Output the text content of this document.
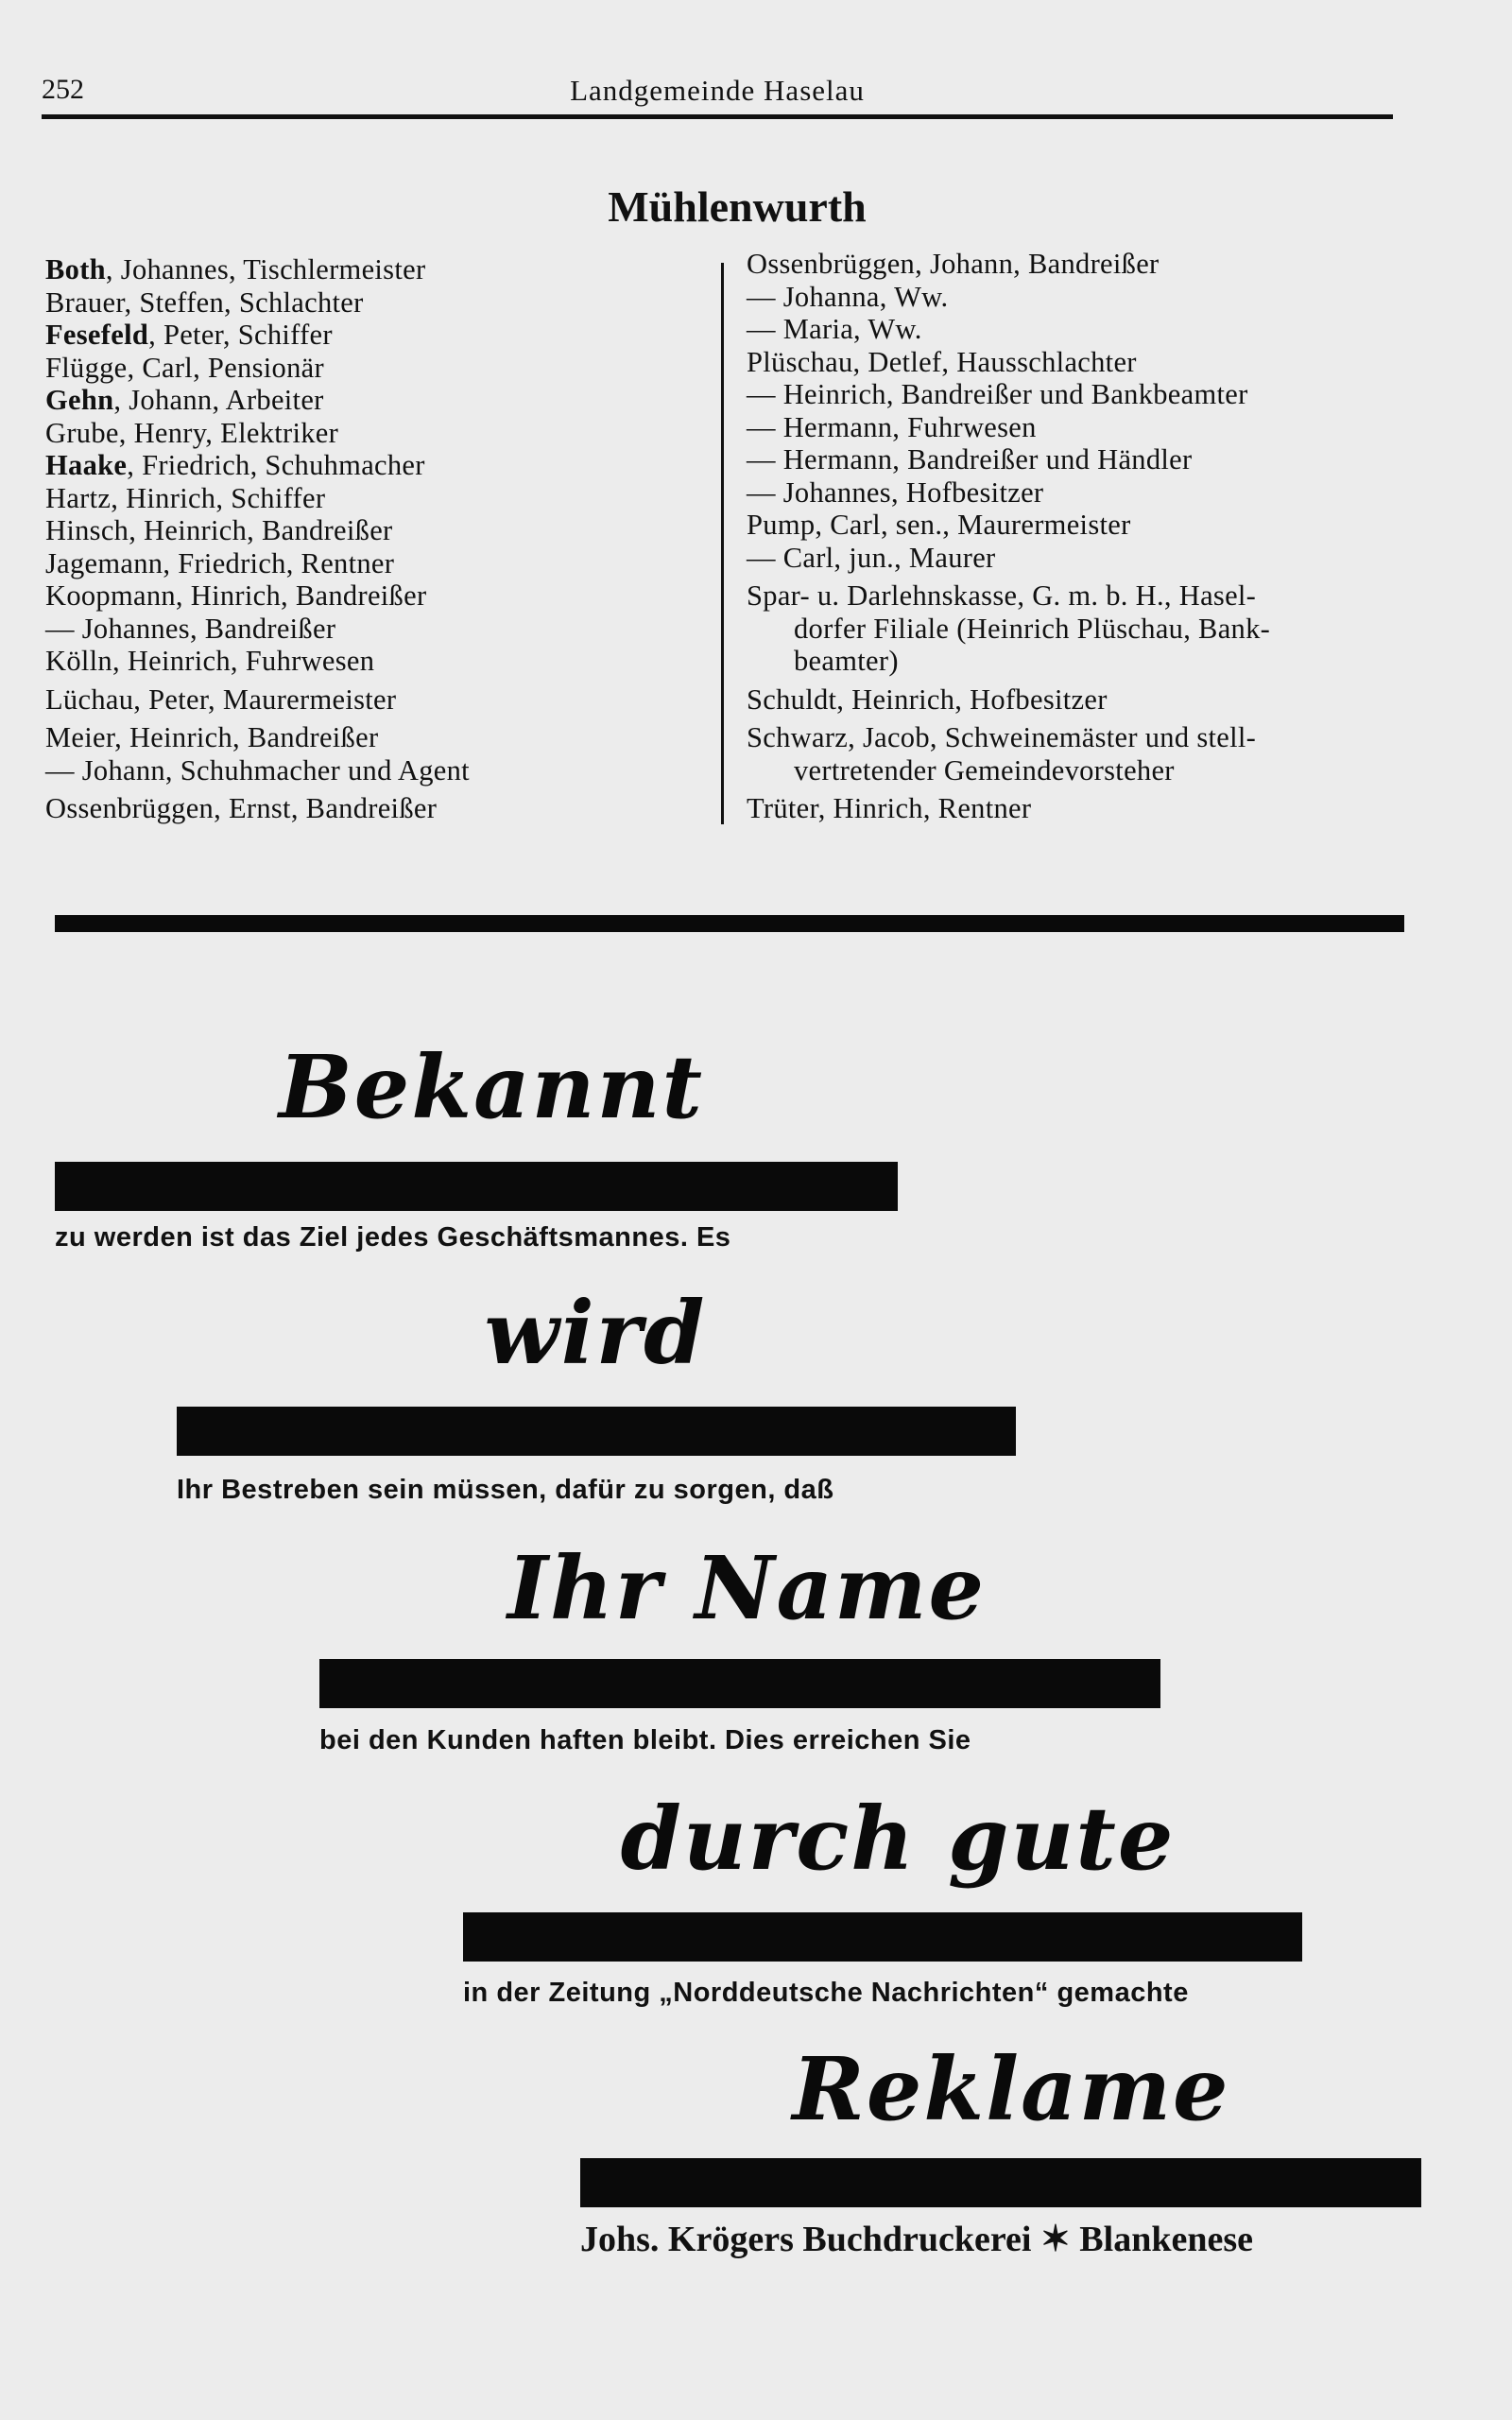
252	Landgemeinde Haselau
Mühlenwurth
Both, Johannes, Tischlermeister
Brauer, Steffen, Schlachter
Fesefeld, Peter, Schiffer
Flügge, Carl, Pensionär
Gehn, Johann, Arbeiter
Grube, Henry, Elektriker
Haake, Friedrich, Schuhmacher
Hartz, Hinrich, Schiffer
Hinsch, Heinrich, Bandreißer
Jagemann, Friedrich, Rentner
Koopmann, Hinrich, Bandreißer
— Johannes, Bandreißer
Kölln, Heinrich, Fuhrwesen
Lüchau, Peter, Maurermeister
Meier, Heinrich, Bandreißer
— Johann, Schuhmacher und Agent
Ossenbrüggen, Ernst, Bandreißer
Ossenbrüggen, Johann, Bandreißer
— Johanna, Ww.
— Maria, Ww.
Plüschau, Detlef, Hausschlachter
— Heinrich, Bandreißer und Bankbeamter
— Hermann, Fuhrwesen
— Hermann, Bandreißer und Händler
— Johannes, Hofbesitzer
Pump, Carl, sen., Maurermeister
— Carl, jun., Maurer
Spar- u. Darlehnskasse, G. m. b. H., Hasel-
dorfer Filiale (Heinrich Plüschau, Bank-
beamter)
Schuldt, Heinrich, Hofbesitzer
Schwarz, Jacob, Schweinemäster und stell-
vertretender Gemeindevorsteher
Trüter, Hinrich, Rentner
Bekannt
zu werden ist das Ziel jedes Geschäftsmannes. Es
wird
Ihr Bestreben sein müssen, dafür zu sorgen, daß
Ihr Name
bei den Kunden haften bleibt. Dies erreichen Sie
durch gute
in der Zeitung „Norddeutsche Nachrichten“ gemachte
Reklame
Johs. Krögers Buchdruckerei ✶ Blankenese
